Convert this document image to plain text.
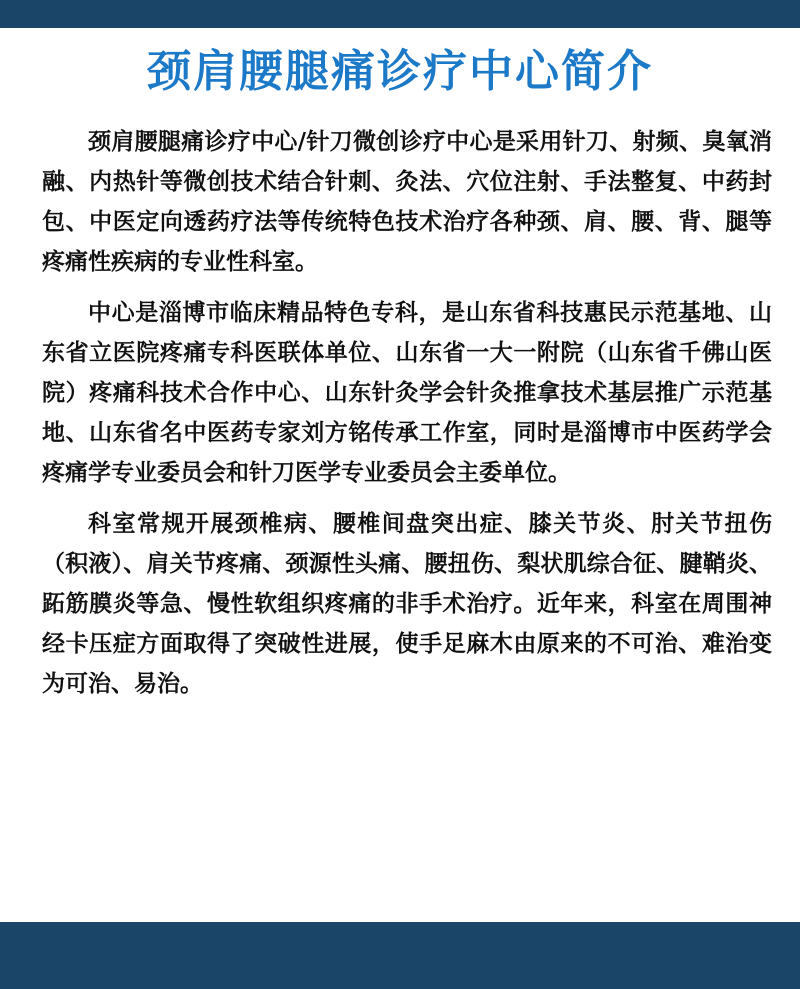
颈肩腰腿痛诊疗中心简介

颈肩腰腿痛诊疗中心/针刀微创诊疗中心是采用针刀、射频、臭氧消融、内热针等微创技术结合针刺、灸法、穴位注射、手法整复、中药封包、中医定向透药疗法等传统特色技术治疗各种颈、肩、腰、背、腿等疼痛性疾病的专业性科室。

中心是淄博市临床精品特色专科，是山东省科技惠民示范基地、山东省立医院疼痛专科医联体单位、山东省一大一附院（山东省千佛山医院）疼痛科技术合作中心、山东针灸学会针灸推拿技术基层推广示范基地、山东省名中医药专家刘方铭传承工作室，同时是淄博市中医药学会疼痛学专业委员会和针刀医学专业委员会主委单位。

科室常规开展颈椎病、腰椎间盘突出症、膝关节炎、肘关节扭伤（积液）、肩关节疼痛、颈源性头痛、腰扭伤、梨状肌综合征、腱鞘炎、跖筋膜炎等急、慢性软组织疼痛的非手术治疗。近年来，科室在周围神经卡压症方面取得了突破性进展，使手足麻木由原来的不可治、难治变为可治、易治。
